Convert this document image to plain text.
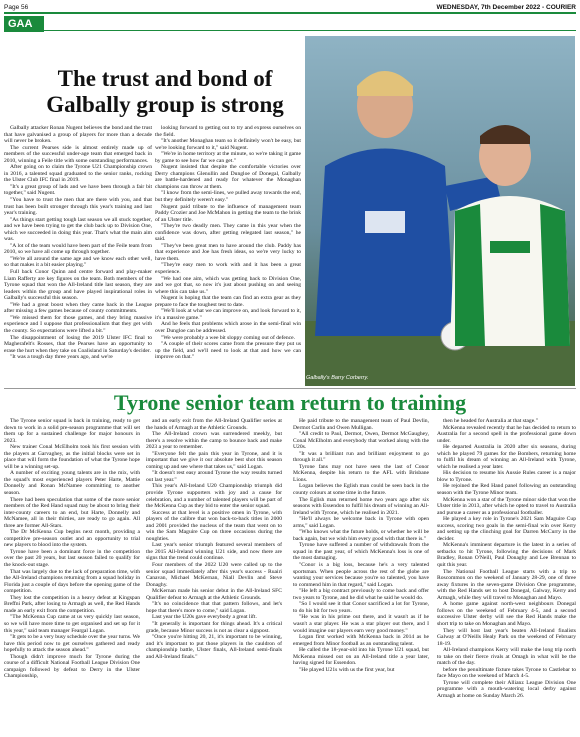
Page 56	WEDNESDAY, 7th December 2022 - COURIER
GAA
The trust and bond of Galbally group is strong

Galbally attacker Ronan Nugent believes the bond and the trust that have galvanised a group of players for more than a decade will never be broken.

The current Pearses side is almost entirely made up of members of the successful under-age team that emerged back in 2010, winning a Feile title with some outstanding performances.

After going on to claim the Tyrone U21 Championship crown in 2016, a talented squad graduated to the senior ranks, rocking the Ulster Club IFC final in 2019.

"It's a great group of lads and we have been through a fair bit together," said Nugent.

"You have to trust the men that are there with you, and that trust has been built stronger through this year's training and last year's training.

"As things start getting tough last season we all stuck together, and we have been trying to get the club back up to Division One, which we succeeded in doing this year. That's what the main aim was.

"A lot of the team would have been part of the Feile team from 2010, so we have all come up through together.

"We're all around the same age and we know each other well, so that makes it a bit easier playing."

Full back Conor Quinn and centre forward and play-maker Liam Rafferty are key figures on the team. Both members of the Tyrone squad that won the All-Ireland title last season, they are leaders within the group and have played inspirational roles in Galbally's successful this season.

"We had a great boost when they came back in the League after missing a few games because of county commitments.

"We missed them for those games, and they bring massive experience and I suppose that professionalism that they get with the county. So expectations were lifted a bit."

The disappointment of losing the 2019 Ulster IFC final to Magherafelt's Rosses, that the Pearses have an opportunity to erase the hurt when they take on Coalisland in Saturday's decider.

"It was a tough day three years ago, and we're

looking forward to getting out to try and express ourselves on the field.

"It's another Monaghan team so it definitely won't be easy, but we're looking forward to it," said Nugent.

"We're in home territory at the minute, so we're taking it game by game to see how far we can get."

Nugent insisted that despite the comfortable victories over Derry champions Glenullin and Dungloe of Donegal, Galbally are battle-hardened and ready for whatever the Monaghan champions can throw at them.

"I know from the semi-lines, we pulled away towards the end, but they definitely weren't easy."

Nugent paid tribute to the influence of management team Paddy Crozier and Joe McMahon in getting the team to the brink of an Ulster title.

"They're two deadly men. They came in this year when the confidence was down, after getting relegated last season," he said.

"They've been great men to have around the club. Paddy has that experience and Joe has fresh ideas, so we're very lucky to have them.

"They're easy men to work with and it has been a great experience.

"We had one aim, which was getting back to Division One, and we got that, so now it's just about pushing on and seeing where this can take us."

Nugent is hoping that the team can find an extra gear as they prepare to face the toughest test to date.

"We'll look at what we can improve on, and look forward to it, it's a massive game."

And he feels that problems which arose in the semi-final win over Dungloe can be addressed.

"We were probably a wee bit sloppy coming out of defence.

"A couple of their scores came from the pressure they put us up the field, and we'll need to look at that and how we can improve on that."

Galbally's Barry Corberry.
Tyrone senior team return to training

The Tyrone senior squad is back in training, ready to get down to work in a solid pre-season programme that will set them up for a sustained challenge for major honours in 2023.

New trainer Conal McElholm took his first session with the players at Garvaghey, as the initial blocks were set in place that will form the foundation of what the Tyrone hope will be a winning set-up.

A number of exciting young talents are in the mix, with the squad's most experienced players Peter Harte, Mattie Donnelly and Ronan McNamee committing to another season.

There had been speculation that some of the more senior members of the Red Hand squad may be about to bring their inter-county careers to an end, but Harte, Donnelly and McNamee, all in their thirties, are ready to go again. All three are former All-Stars.

The Dr McKenna Cup begins next month, providing a competitive pre-season outlet and an opportunity to trial new players to blood into the system.

Tyrone have been a dominant force in the competition over the past 20 years, but last season failed to qualify for the knock-out stage.

That was largely due to the lack of preparation time, with the All-Ireland champions returning from a squad holiday in Florida just a couple of days before the opening game of the competition.

They lost the competition in a heavy defeat at Kingspan Breffni Park, after losing to Armagh as well, the Red Hands made an early exit from the competition.

"The McKenna Cup came at us very quickly last season, so we will have more time to get organised and set up for it this year," said team manager Feargal Logan.

"It gets to be a very busy schedule over the year turns. We have this period now to get ourselves gathered and ready hopefully to attack the season ahead."

Though didn't improve much for Tyrone during the course of a difficult National Football League Division One campaign followed by defeat to Derry in the Ulster Championship,

and an early exit from the All-Ireland Qualifier series at the hands of Armagh at the Athletic Grounds.

The All-Ireland crown was surrendered meekly, but there's a resolve within the camp to bounce back and make 2023 a year to remember.

"Everyone felt the pain this year in Tyrone, and it is important that we give it our absolute best shot this season coming up and see where that takes us," said Logan.

"It doesn't rest easy around Tyrone the way results turned out last year."

This year's All-Ireland U20 Championship triumph did provide Tyrone supporters with joy and a cause for celebration, and a number of talented players will be part of the McKenna Cup as they bid to enter the senior squad.

Success at that level is a positive omen in Tyrone, with players of the calibre that won back-to-back titles in 2000 and 2001 provided the nucleus of the team that went on to win the Sam Maguire Cup on three occasions during the noughties.

Last year's senior triumph featured several members of the 2015 All-Ireland winning U21 side, and now there are signs that the trend could continue.

Four members of the 2022 U20 were called up to the senior squad immediately after this year's success - Ruairi Canavan, Michael McKernan, Niall Devlin and Steve Donaghy.

McKernan made his senior debut in the All-Ireland SFC Qualifier defeat to Armagh at the Athletic Grounds.

"It's no coincidence that that pattern follows, and let's hope that there's more to come," said Logan.

Last year the U20s gave everybody a great lift.

"It generally is important for things ahead. It's a critical grade, because Minor success is not as clear a signpost.

"Once you're hitting 20, 21, it's important to be winning, and it's important to put those players in the cauldron of championship battle, Ulster finals, All-Ireland semi-finals and All-Ireland finals."

He paid tribute to the management team of Paul Devlin, Dermot Carlin and Owen Mulligan.

"All credit to Paul, Dermot, Owen, Dermot McGaughey, Conal McElholm and everybody that worked along with the U20s.

"It was a brilliant run and brilliant enjoyment to go through it all."

Tyrone fans may not have seen the last of Conor McKenna, despite his return to the AFL with Brisbane Lions.

Logan believes the Eglish man could be seen back in the county colours at some time in the future.

The Eglish man returned home two years ago after six seasons with Essendon to fulfil his dream of winning an All-Ireland with Tyrone, which he realised in 2021.

"He'll always be welcome back in Tyrone with open arms," said Logan.

"Who knows what the future holds, or whether he will be back again, but we wish him every good with that there is."

Tyrone have suffered a number of withdrawals from the squad in the past year, of which McKenna's loss is one of the most damaging.

"Conor is a big loss, because he's a very talented sportsman. When people across the rest of the globe are wanting your services because you're so talented, you have to commend him in that regard," said Logan.

"He left a big contract previously to come back and offer two years to Tyrone, and he did what he said he would do.

"So I would see it that Conor sacrificed a lot for Tyrone, to do his bit for two years.

"He was in his prime out there, and it wasn't as if he wasn't a star player. He was a star player out there, and I would imagine our players earn very good money."

Logan first worked with McKenna back in 2014 as he emerged from Minor football as an outstanding talent.

He called the 18-year-old into his Tyrone U21 squad, but McKenna missed out on an All-Ireland title a year later, having signed for Essendon.

"He played U21s with us the first year, but

then he headed for Australia at that stage."

McKenna revealed recently that he has decided to return to Australia for a second spell in the professional game down under.

He departed Australia in 2020 after six seasons, during which he played 79 games for the Bombers, returning home to fulfil his dream of winning an All-Ireland with Tyrone, which he realised a year later.

His decision to resume his Aussie Rules career is a major blow to Tyrone.

He rejoined the Red Hand panel following an outstanding season with the Tyrone Minor team.

McKenna won a star of the Tyrone minor side that won the Ulster title in 2013, after which he opted to travel to Australia and pursue a career as a professional footballer.

He played a key role in Tyrone's 2021 Sam Maguire Cup success, scoring two goals in the semi-final win over Kerry and setting up the clinching goal for Darren McCurry in the decider.

McKenna's imminent departure is the latest in a series of setbacks to hit Tyrone, following the decisions of Mark Bradley, Ronan O'Neill, Paul Donaghy and Lee Brennan to quit this year.

The National Football League starts with a trip to Roscommon on the weekend of January 28-29, one of three away fixtures in the seven-game Division One programme, with the Red Hands set to host Donegal, Galway, Kerry and Armagh, while they will travel to Monaghan and Mayo.

A home game against north-west neighbours Donegal follows on the weekend of February 4-5, and a second successive Ulster derby will see the Red Hands make the short trip to take on Monaghan and Mayo.

They will host last year's beaten All-Ireland finalists Galway at O'Neills Healy Park on the weekend of February 18-19.

All-Ireland champions Kerry will make the long trip north to take on their fierce rivals at Omagh in what will be the match of the day.

before the penultimate fixture takes Tyrone to Castlebar to face Mayo on the weekend of March 4-5.

Tyrone will complete their Allianz League Division One programme with a mouth-watering local derby against Armagh at home on Sunday March 26.
